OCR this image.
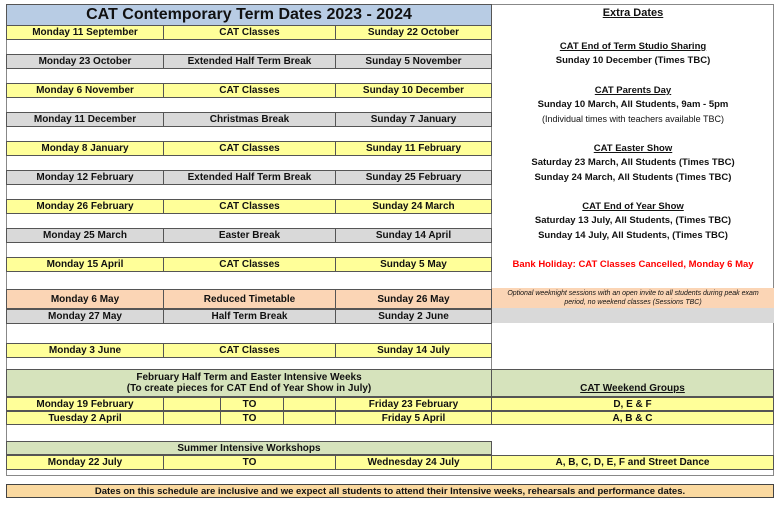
CAT Contemporary Term Dates 2023 - 2024	Extra Dates
Monday 11 September	CAT Classes	Sunday 22 October
Monday 23 October	Extended Half Term Break	Sunday 5 November
Monday 6 November	CAT Classes	Sunday 10 December
Monday 11 December	Christmas Break	Sunday 7 January
Monday 8 January	CAT Classes	Sunday 11 February
Monday 12 February	Extended Half Term Break	Sunday 25 February
Monday 26 February	CAT Classes	Sunday 24 March
Monday 25 March	Easter Break	Sunday 14 April
Monday 15 April	CAT Classes	Sunday 5 May
Monday 6 May	Reduced Timetable	Sunday 26 May
Monday 27 May	Half Term Break	Sunday 2 June
Monday 3 June	CAT Classes	Sunday 14 July
CAT End of Term Studio Sharing
Sunday 10 December (Times TBC)
CAT Parents Day
Sunday 10 March, All Students, 9am - 5pm
(Individual times with teachers available TBC)
CAT Easter Show
Saturday 23 March, All Students (Times TBC)
Sunday 24 March, All Students (Times TBC)
CAT End of Year Show
Saturday 13 July, All Students, (Times TBC)
Sunday 14 July, All Students, (Times TBC)
Bank Holiday: CAT Classes Cancelled, Monday 6 May
Optional weeknight sessions with an open invite to all students during peak exam period, no weekend classes (Sessions TBC)
February Half Term and Easter Intensive Weeks
(To create pieces for CAT End of Year Show in July)	CAT Weekend Groups
Monday 19 February	TO	Friday 23 February	D, E & F
Tuesday 2 April	TO	Friday 5 April	A, B & C
Summer Intensive Workshops
Monday 22 July	TO	Wednesday 24 July	A, B, C, D, E, F and Street Dance
Dates on this schedule are inclusive and we expect all students to attend their Intensive weeks, rehearsals and performance dates.
